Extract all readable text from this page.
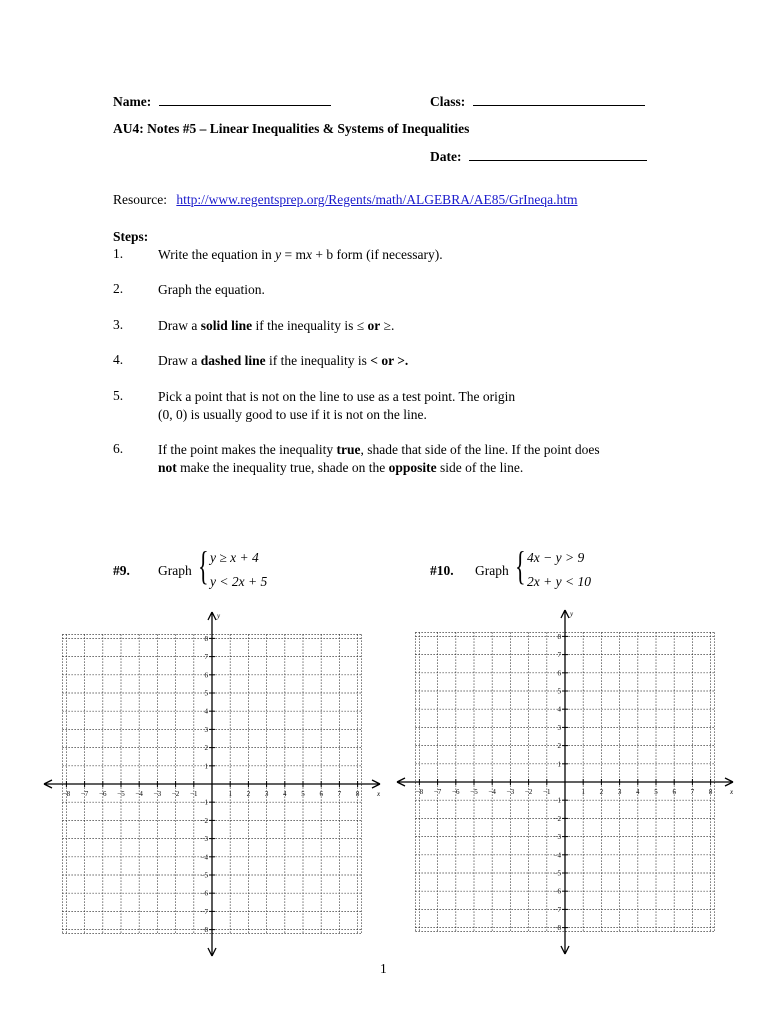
Name:	Class:
AU4: Notes #5 – Linear Inequalities & Systems of Inequalities
Date:
Resource: http://www.regentsprep.org/Regents/math/ALGEBRA/AE85/GrIneqa.htm
Steps:
1.	Write the equation in y = mx + b form (if necessary).
2.	Graph the equation.
3.	Draw a solid line if the inequality is ≤ or ≥.
4.	Draw a dashed line if the inequality is < or >.
5.	Pick a point that is not on the line to use as a test point. The origin
(0, 0) is usually good to use if it is not on the line.
6.	If the point makes the inequality true, shade that side of the line. If the point does
not make the inequality true, shade on the opposite side of the line.
#9. Graph { y ≥ x + 4
y < 2x + 5
#10. Graph { 4x − y > 9
2x + y < 10
−8 −7 −6 −5 −4 −3 −2 −1	1 2 3 4 5 6 7 8
8
7
6
5
4
3
2
1
−1
−2
−3
−4
−5
−6
−7
−8
x
y
−8 −7 −6 −5 −4 −3 −2 −1	1 2 3 4 5 6 7 8
8
7
6
5
4
3
2
1
−1
−2
−3
−4
−5
−6
−7
−8
x
y
1
